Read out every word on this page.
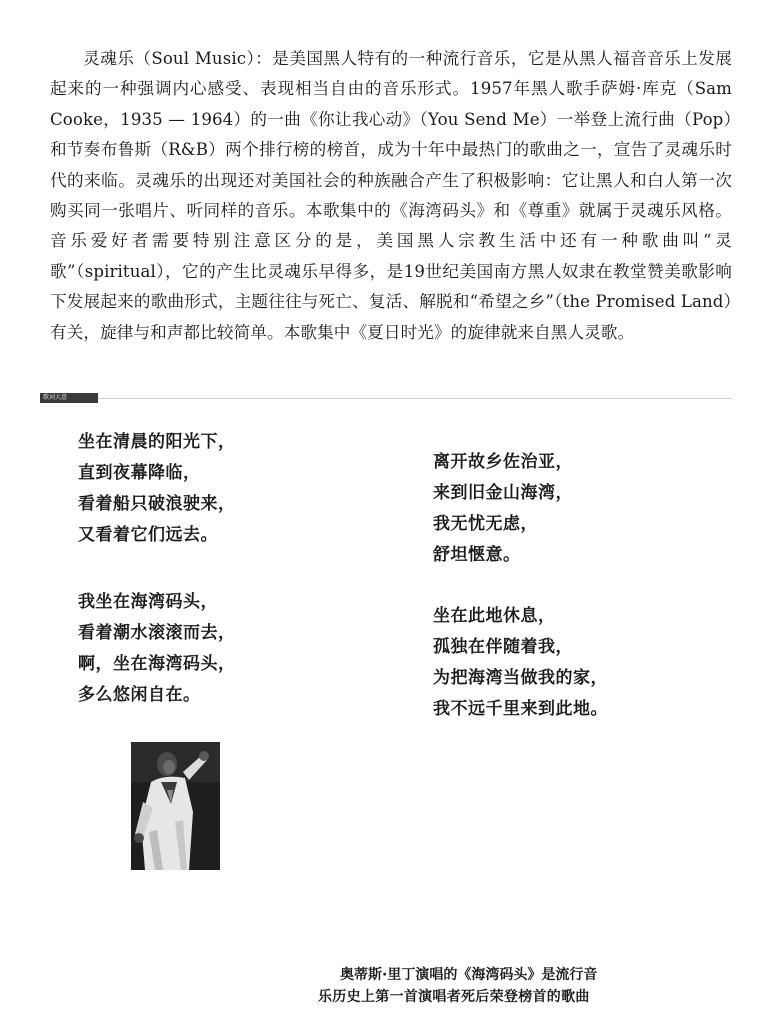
灵魂乐（Soul Music）：是美国黑人特有的一种流行音乐，它是从黑人福音音乐上发展起来的一种强调内心感受、表现相当自由的音乐形式。1957年黑人歌手萨姆·库克（Sam Cooke，1935 — 1964）的一曲《你让我心动》（You Send Me）一举登上流行曲（Pop）和节奏布鲁斯（R&B）两个排行榜的榜首，成为十年中最热门的歌曲之一，宣告了灵魂乐时代的来临。灵魂乐的出现还对美国社会的种族融合产生了积极影响：它让黑人和白人第一次购买同一张唱片、听同样的音乐。本歌集中的《海湾码头》和《尊重》就属于灵魂乐风格。音乐爱好者需要特别注意区分的是，美国黑人宗教生活中还有一种歌曲叫“灵歌”（spiritual），它的产生比灵魂乐早得多，是19世纪美国南方黑人奴隶在教堂赞美歌影响下发展起来的歌曲形式，主题往往与死亡、复活、解脱和“希望之乡”（the Promised Land）有关，旋律与和声都比较简单。本歌集中《夏日时光》的旋律就来自黑人灵歌。

歌词大意
坐在清晨的阳光下，
直到夜幕降临，
看着船只破浪驶来，
又看着它们远去。
我坐在海湾码头，
看着潮水滚滚而去，
啊，坐在海湾码头，
多么悠闲自在。
离开故乡佐治亚，
来到旧金山海湾，
我无忧无虑，
舒坦惬意。
坐在此地休息，
孤独在伴随着我，
为把海湾当做我的家，
我不远千里来到此地。
奥蒂斯·里丁演唱的《海湾码头》是流行音
乐历史上第一首演唱者死后荣登榜首的歌曲
